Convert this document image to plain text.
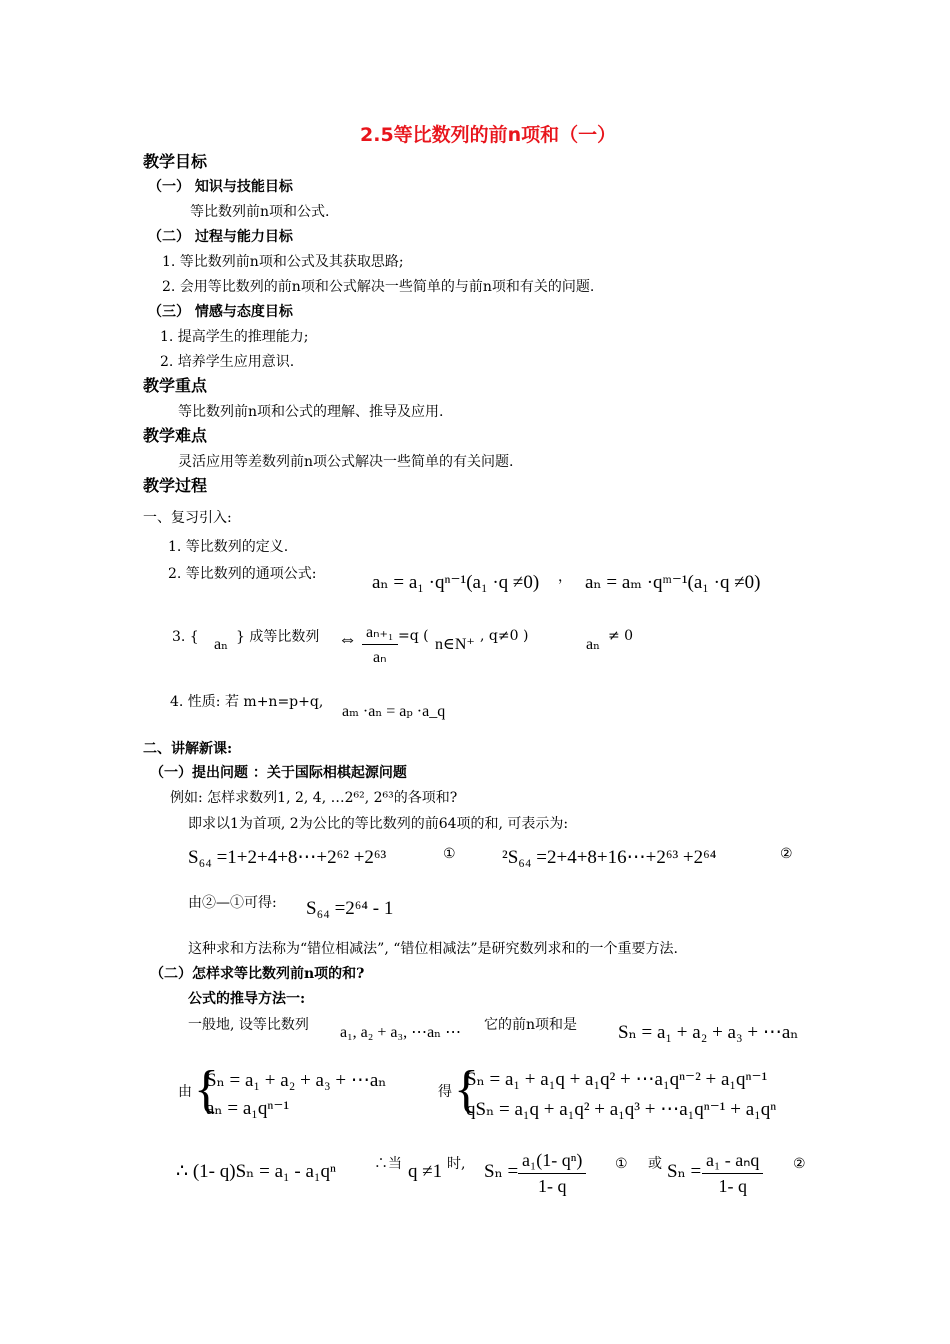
2.5等比数列的前n项和（一）
教学目标
（一） 知识与技能目标
等比数列前n项和公式.
（二） 过程与能力目标
1. 等比数列前n项和公式及其获取思路;
2. 会用等比数列的前n项和公式解决一些简单的与前n项和有关的问题.
（三） 情感与态度目标
1. 提高学生的推理能力;
2. 培养学生应用意识.
教学重点
等比数列前n项和公式的理解、推导及应用.
教学难点
灵活应用等差数列前n项公式解决一些简单的有关问题.
教学过程
一、复习引入:
1. 等比数列的定义.
2. 等比数列的通项公式:	aₙ = a₁ ·qⁿ⁻¹(a₁ ·q ≠0) ， aₙ = aₘ ·qᵐ⁻¹(a₁ ·q ≠0)
3. { aₙ } 成等比数列 ⇔ $\frac{\text{aₙ₊₁}}{\text{aₙ}} =q$ ( n∈N⁺ , q≠0 )	aₙ ≠ 0
4. 性质: 若 m+n=p+q,
aₘ ·aₙ = aₚ ·a_q
二、讲解新课:
（一）提出问题 ：关于国际相棋起源问题
例如: 怎样求数列1, 2, 4, …2⁶², 2⁶³的各项和?
即求以1为首项, 2为公比的等比数列的前64项的和, 可表示为:
S₆₄ =1+2+4+8⋯+2⁶² +2⁶³	① ²S₆₄ =2+4+8+16⋯+2⁶³ +2⁶⁴	②
由②—①可得: S₆₄ =2⁶⁴ - 1
这种求和方法称为“错位相减法”, “错位相减法”是研究数列求和的一个重要方法.
（二）怎样求等比数列前n项的和?
公式的推导方法一:
一般地, 设等比数列 a₁, a₂ + a₃, ⋯aₙ ⋯ 它的前n项和是 Sₙ = a₁ + a₂ + a₃ + ⋯aₙ
由 {
Sₙ = a₁ + a₂ + a₃ + ⋯aₙ
aₙ = a₁qⁿ⁻¹
得 {
Sₙ = a₁ + a₁q + a₁q² + ⋯a₁qⁿ⁻² + a₁qⁿ⁻¹
qSₙ = a₁q + a₁q² + a₁q³ + ⋯a₁qⁿ⁻¹ + a₁qⁿ
∴ (1- q)Sₙ = a₁ - a₁qⁿ	∴当 q ≠1 时, $S_n = \frac{\text{a₁(1- qⁿ)}}{1- q}$ ① 或 Sₙ =
a₁ - aₙq
1- q
②
